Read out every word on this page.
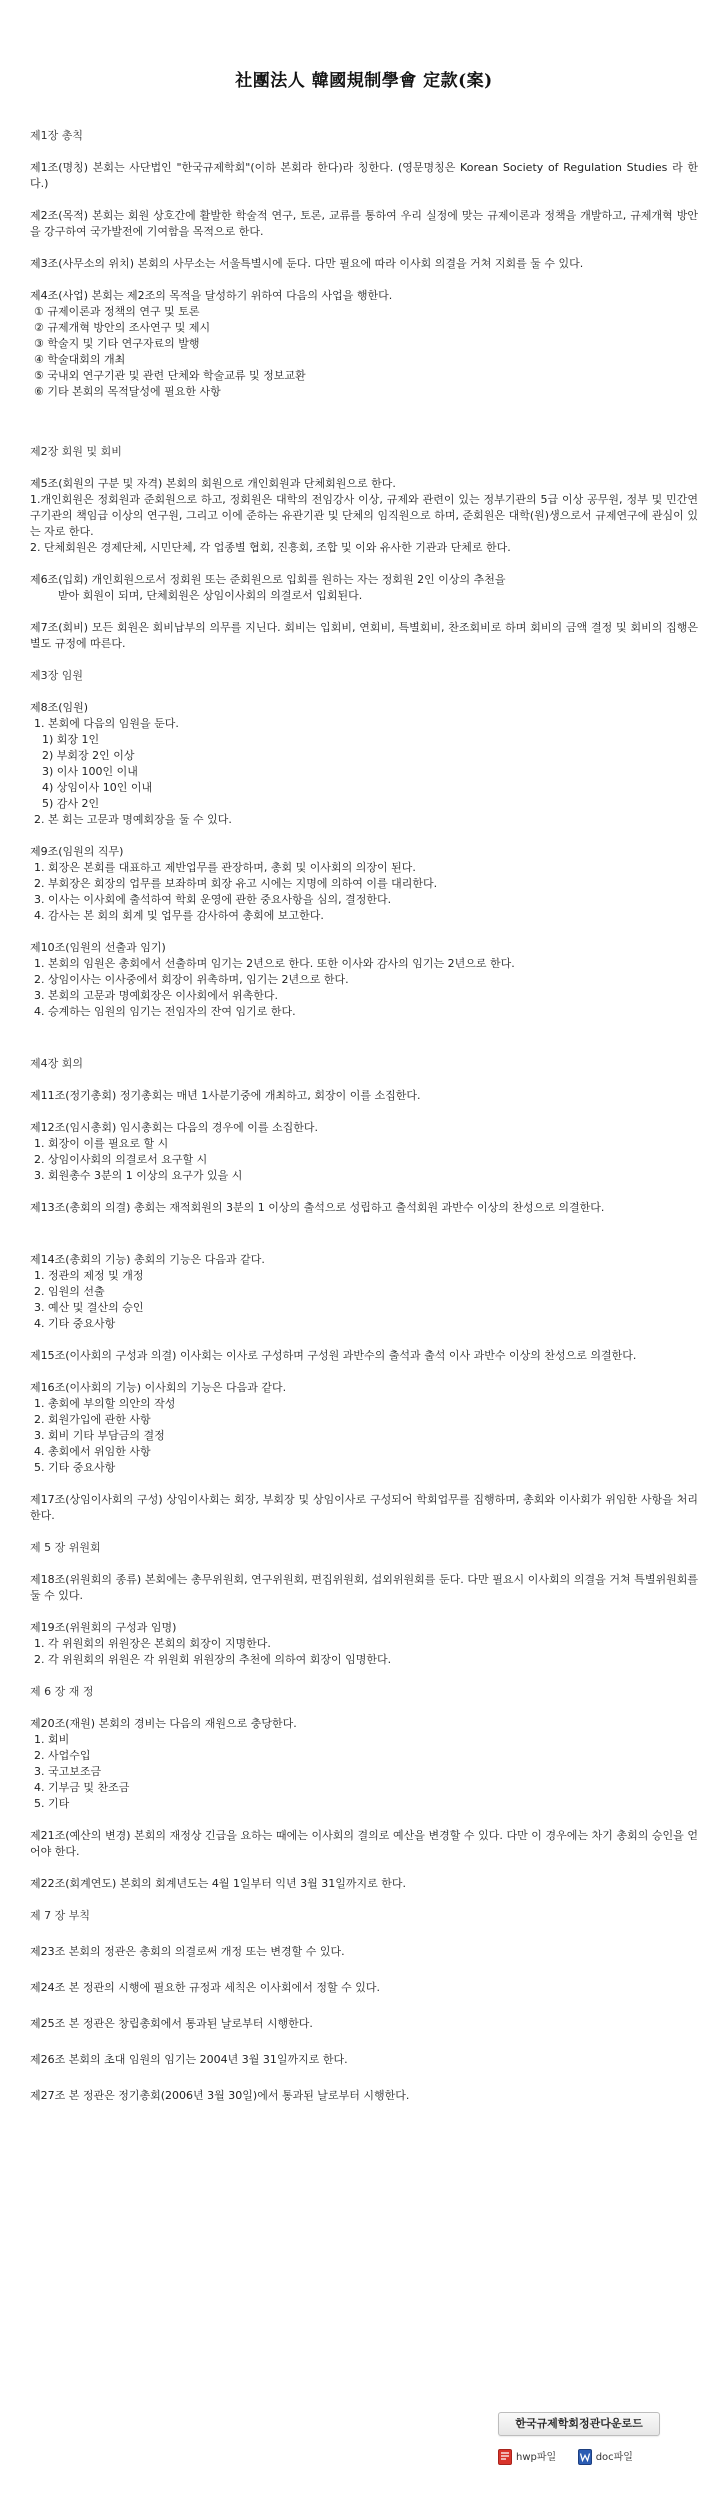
社團法人 韓國規制學會 定款(案)

제1장 총칙

제1조(명칭) 본회는 사단법인 "한국규제학회"(이하 본회라 한다)라 칭한다. (영문명칭은 Korean Society of Regulation Studies 라 한다.)

제2조(목적) 본회는 회원 상호간에 활발한 학술적 연구, 토론, 교류를 통하여 우리 실정에 맞는 규제이론과 정책을 개발하고, 규제개혁 방안을 강구하여 국가발전에 기여함을 목적으로 한다.

제3조(사무소의 위치) 본회의 사무소는 서울특별시에 둔다. 다만 필요에 따라 이사회 의결을 거쳐 지회를 둘 수 있다.

제4조(사업) 본회는 제2조의 목적을 달성하기 위하여 다음의 사업을 행한다.

① 규제이론과 정책의 연구 및 토론

② 규제개혁 방안의 조사연구 및 제시

③ 학술지 및 기타 연구자료의 발행

④ 학술대회의 개최

⑤ 국내외 연구기관 및 관련 단체와 학술교류 및 정보교환

⑥ 기타 본회의 목적달성에 필요한 사항

제2장 회원 및 회비

제5조(회원의 구분 및 자격) 본회의 회원으로 개인회원과 단체회원으로 한다.

1.개인회원은 정회원과 준회원으로 하고, 정회원은 대학의 전임강사 이상, 규제와 관련이 있는 정부기관의 5급 이상 공무원, 정부 및 민간연구기관의 책임급 이상의 연구원, 그리고 이에 준하는 유관기관 및 단체의 임직원으로 하며, 준회원은 대학(원)생으로서 규제연구에 관심이 있는 자로 한다.

2. 단체회원은 경제단체, 시민단체, 각 업종별 협회, 진흥회, 조합 및 이와 유사한 기관과 단체로 한다.

제6조(입회) 개인회원으로서 정회원 또는 준회원으로 입회를 원하는 자는 정회원 2인 이상의 추천을

받아 회원이 되며, 단체회원은 상임이사회의 의결로서 입회된다.

제7조(회비) 모든 회원은 회비납부의 의무를 지닌다. 회비는 입회비, 연회비, 특별회비, 찬조회비로 하며 회비의 금액 결정 및 회비의 집행은 별도 규정에 따른다.

제3장 임원

제8조(임원)

1. 본회에 다음의 임원을 둔다.

1) 회장 1인

2) 부회장 2인 이상

3) 이사 100인 이내

4) 상임이사 10인 이내

5) 감사 2인

2. 본 회는 고문과 명예회장을 둘 수 있다.

제9조(임원의 직무)

1. 회장은 본회를 대표하고 제반업무를 관장하며, 총회 및 이사회의 의장이 된다.

2. 부회장은 회장의 업무를 보좌하며 회장 유고 시에는 지명에 의하여 이를 대리한다.

3. 이사는 이사회에 출석하여 학회 운영에 관한 중요사항을 심의, 결정한다.

4. 감사는 본 회의 회계 및 업무를 감사하여 총회에 보고한다.

제10조(임원의 선출과 임기)

1. 본회의 임원은 총회에서 선출하며 임기는 2년으로 한다. 또한 이사와 감사의 임기는 2년으로 한다.

2. 상임이사는 이사중에서 회장이 위촉하며, 임기는 2년으로 한다.

3. 본회의 고문과 명예회장은 이사회에서 위촉한다.

4. 승계하는 임원의 임기는 전임자의 잔여 임기로 한다.

제4장 회의

제11조(정기총회) 정기총회는 매년 1사분기중에 개최하고, 회장이 이를 소집한다.

제12조(임시총회) 임시총회는 다음의 경우에 이를 소집한다.

1. 회장이 이를 필요로 할 시

2. 상임이사회의 의결로서 요구할 시

3. 회원총수 3분의 1 이상의 요구가 있을 시

제13조(총회의 의결) 총회는 재적회원의 3분의 1 이상의 출석으로 성립하고 출석회원 과반수 이상의 찬성으로 의결한다.

제14조(총회의 기능) 총회의 기능은 다음과 같다.

1. 정관의 제정 및 개정

2. 임원의 선출

3. 예산 및 결산의 승인

4. 기타 중요사항

제15조(이사회의 구성과 의결) 이사회는 이사로 구성하며 구성원 과반수의 출석과 출석 이사 과반수 이상의 찬성으로 의결한다.

제16조(이사회의 기능) 이사회의 기능은 다음과 같다.

1. 총회에 부의할 의안의 작성

2. 회원가입에 관한 사항

3. 회비 기타 부담금의 결정

4. 총회에서 위임한 사항

5. 기타 중요사항

제17조(상임이사회의 구성) 상임이사회는 회장, 부회장 및 상임이사로 구성되어 학회업무를 집행하며, 총회와 이사회가 위임한 사항을 처리한다.

제 5 장 위원회

제18조(위원회의 종류) 본회에는 총무위원회, 연구위원회, 편집위원회, 섭외위원회를 둔다. 다만 필요시 이사회의 의결을 거쳐 특별위원회를 둘 수 있다.

제19조(위원회의 구성과 임명)

1. 각 위원회의 위원장은 본회의 회장이 지명한다.

2. 각 위원회의 위원은 각 위원회 위원장의 추천에 의하여 회장이 임명한다.

제 6 장 재 정

제20조(재원) 본회의 경비는 다음의 재원으로 충당한다.

1. 회비

2. 사업수입

3. 국고보조금

4. 기부금 및 찬조금

5. 기타

제21조(예산의 변경) 본회의 재정상 긴급을 요하는 때에는 이사회의 결의로 예산을 변경할 수 있다. 다만 이 경우에는 차기 총회의 승인을 얻어야 한다.

제22조(회계연도) 본회의 회계년도는 4월 1일부터 익년 3월 31일까지로 한다.

제 7 장 부칙

제23조 본회의 정관은 총회의 의결로써 개정 또는 변경할 수 있다.

제24조 본 정관의 시행에 필요한 규정과 세칙은 이사회에서 정할 수 있다.

제25조 본 정관은 창립총회에서 통과된 날로부터 시행한다.

제26조 본회의 초대 임원의 임기는 2004년 3월 31일까지로 한다.

제27조 본 정관은 정기총회(2006년 3월 30일)에서 통과된 날로부터 시행한다.

한국규제학회정관다운로드
hwp파일	doc파일
